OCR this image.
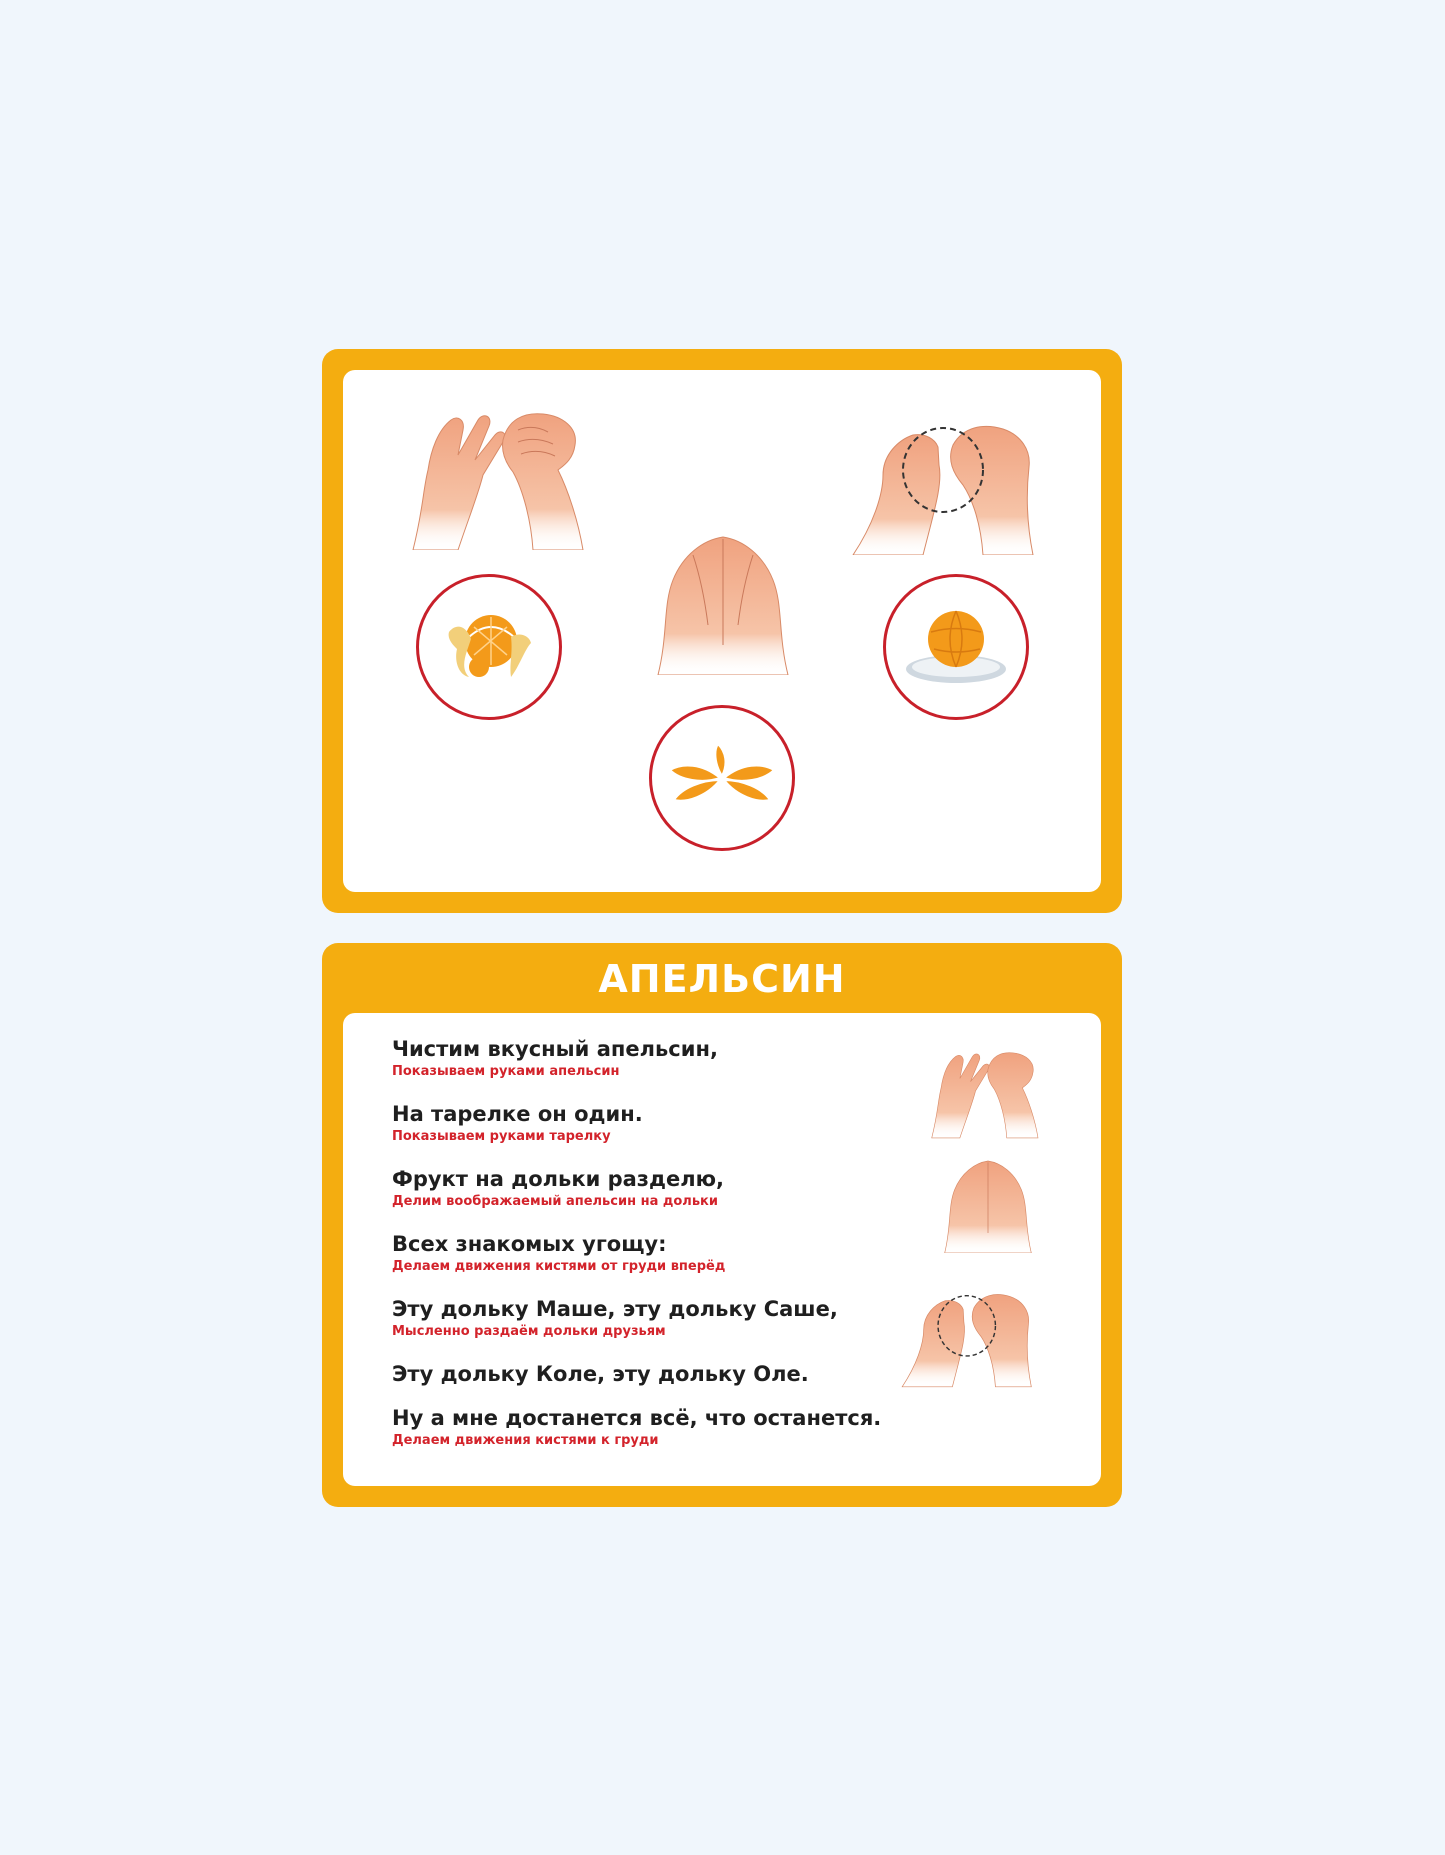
АПЕЛЬСИН
Чистим вкусный апельсин,
Показываем руками апельсин
На тарелке он один.
Показываем руками тарелку
Фрукт на дольки разделю,
Делим воображаемый апельсин на дольки
Всех знакомых угощу:
Делаем движения кистями от груди вперёд
Эту дольку Маше, эту дольку Саше,
Мысленно раздаём дольки друзьям
Эту дольку Коле, эту дольку Оле.
Ну а мне достанется всё, что останется.
Делаем движения кистями к груди
